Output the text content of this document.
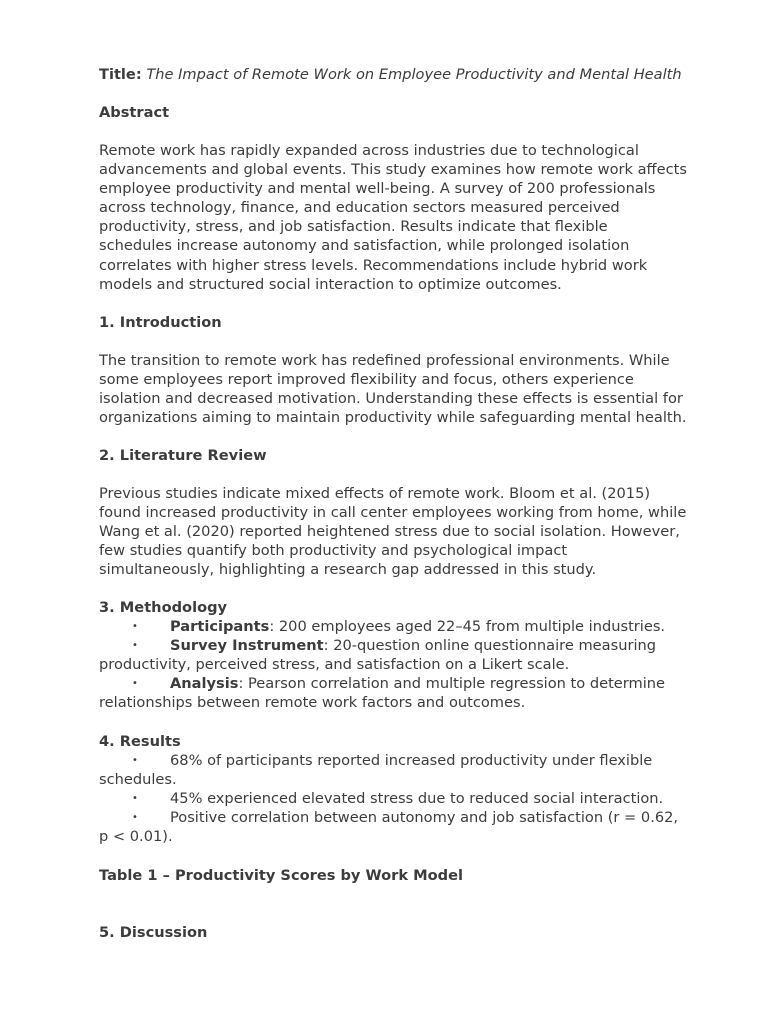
Title: The Impact of Remote Work on Employee Productivity and Mental Health
Abstract
Remote work has rapidly expanded across industries due to technological
advancements and global events. This study examines how remote work affects
employee productivity and mental well-being. A survey of 200 professionals
across technology, finance, and education sectors measured perceived
productivity, stress, and job satisfaction. Results indicate that flexible
schedules increase autonomy and satisfaction, while prolonged isolation
correlates with higher stress levels. Recommendations include hybrid work
models and structured social interaction to optimize outcomes.
1. Introduction
The transition to remote work has redefined professional environments. While
some employees report improved flexibility and focus, others experience
isolation and decreased motivation. Understanding these effects is essential for
organizations aiming to maintain productivity while safeguarding mental health.
2. Literature Review
Previous studies indicate mixed effects of remote work. Bloom et al. (2015)
found increased productivity in call center employees working from home, while
Wang et al. (2020) reported heightened stress due to social isolation. However,
few studies quantify both productivity and psychological impact
simultaneously, highlighting a research gap addressed in this study.
3. Methodology
• Participants: 200 employees aged 22–45 from multiple industries.
• Survey Instrument: 20-question online questionnaire measuring
productivity, perceived stress, and satisfaction on a Likert scale.
• Analysis: Pearson correlation and multiple regression to determine
relationships between remote work factors and outcomes.
4. Results
• 68% of participants reported increased productivity under flexible
schedules.
• 45% experienced elevated stress due to reduced social interaction.
• Positive correlation between autonomy and job satisfaction (r = 0.62,
p < 0.01).
Table 1 – Productivity Scores by Work Model
5. Discussion
